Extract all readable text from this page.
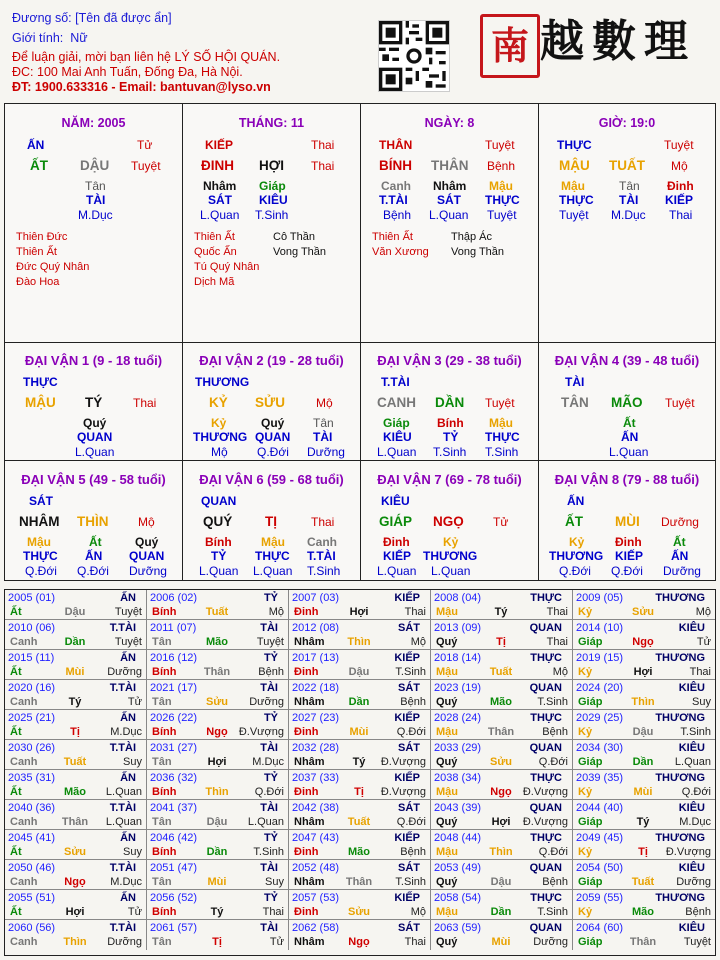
Đương số: [Tên đã được ẩn]
Giới tính: Nữ
Để luận giải, mời bạn liên hệ LÝ SỐ HỘI QUÁN.
ĐC: 100 Mai Anh Tuấn, Đống Đa, Hà Nội.
ĐT: 1900.633316 - Email: bantuvan@lyso.vn
南 越數理
NĂM: 2005
ẤN	Tử
ẤT DẬU Tuyệt
Tân
TÀI
M.Dục
Thiên Đức
Thiên Ất
Đức Quý Nhân
Đào Hoa
THÁNG: 11
KIẾP	Thai
ĐINH HỢI Thai
Nhâm Giáp
SÁT KIÊU
L.Quan T.Sinh
Thiên Ất
Quốc Ấn
Tú Quý Nhân
Dịch Mã
Cô Thần
Vong Thần
NGÀY: 8
THÂN	Tuyệt
BÍNH THÂN Bệnh
Canh Nhâm Mậu
T.TÀI SÁT THỰC
Bệnh L.Quan Tuyệt
Thiên Ất
Văn Xương
Thập Ác
Vong Thần
GIỜ: 19:0
THỰC	Tuyệt
MẬU TUẤT Mộ
Mậu	Tân Đinh
THỰC TÀI KIẾP
Tuyệt M.Dục Thai
ĐẠI VẬN 1 (9 - 18 tuổi)
THỰC
MẬU TÝ	Thai
Quý
QUAN
L.Quan
ĐẠI VẬN 2 (19 - 28 tuổi)
THƯƠNG
KỶ SỬU	Mộ
Kỷ	Quý Tân
THƯƠNG QUAN TÀI
Mộ Q.Đới Dưỡng
ĐẠI VẬN 3 (29 - 38 tuổi)
T.TÀI
CANH DẦN Tuyệt
Giáp Bính Mậu
KIÊU	TỶ THỰC
L.Quan T.Sinh T.Sinh
ĐẠI VẬN 4 (39 - 48 tuổi)
TÀI
TÂN MÃO Tuyệt
Ất
ẤN
L.Quan
ĐẠI VẬN 5 (49 - 58 tuổi)
SÁT
NHÂM THÌN Mộ
Mậu	Ất	Quý
THỰC ẤN QUAN
Q.Đới Q.Đới Dưỡng
ĐẠI VẬN 6 (59 - 68 tuổi)
QUAN
QUÝ TỊ	Thai
Bính Mậu Canh
TỶ THỰC T.TÀI
L.Quan L.Quan T.Sinh
ĐẠI VẬN 7 (69 - 78 tuổi)
KIÊU
GIÁP NGỌ Tử
Đinh	Kỷ
KIẾP THƯƠNG
L.Quan L.Quan
ĐẠI VẬN 8 (79 - 88 tuổi)
ẤN
ẤT MÙI Dưỡng
Kỷ	Đinh	Ất
THƯƠNG KIẾP ẤN
Q.Đới Q.Đới Dưỡng
2005 (01)	ẤN
Ất	Dậu	Tuyệt
2006 (02)	TỶ
Bính	Tuất	Mộ
2007 (03)	KIẾP
Đinh	Hợi	Thai
2008 (04)	THỰC
Mậu	Tý	Thai
2009 (05)	THƯƠNG
Kỷ	Sửu	Mộ
2010 (06)	T.TÀI
Canh	Dần	Tuyệt
2011 (07)	TÀI
Tân	Mão	Tuyệt
2012 (08)	SÁT
Nhâm	Thìn	Mộ
2013 (09)	QUAN
Quý	Tị	Thai
2014 (10)	KIÊU
Giáp	Ngọ	Tử
2015 (11)	ẤN
Ất	Mùi	Dưỡng
2016 (12)	TỶ
Bính	Thân	Bệnh
2017 (13)	KIẾP
Đinh	Dậu	T.Sinh
2018 (14)	THỰC
Mậu	Tuất	Mộ
2019 (15)	THƯƠNG
Kỷ	Hợi	Thai
2020 (16)	T.TÀI
Canh	Tý	Tử
2021 (17)	TÀI
Tân	Sửu	Dưỡng
2022 (18)	SÁT
Nhâm	Dần	Bệnh
2023 (19)	QUAN
Quý	Mão	T.Sinh
2024 (20)	KIÊU
Giáp	Thìn	Suy
2025 (21)	ẤN
Ất	Tị	M.Dục
2026 (22)	TỶ
Bính	Ngọ	Đ.Vượng
2027 (23)	KIẾP
Đinh	Mùi	Q.Đới
2028 (24)	THỰC
Mậu	Thân	Bệnh
2029 (25)	THƯƠNG
Kỷ	Dậu	T.Sinh
2030 (26)	T.TÀI
Canh	Tuất	Suy
2031 (27)	TÀI
Tân	Hợi	M.Dục
2032 (28)	SÁT
Nhâm	Tý	Đ.Vượng
2033 (29)	QUAN
Quý	Sửu	Q.Đới
2034 (30)	KIÊU
Giáp	Dần	L.Quan
2035 (31)	ẤN
Ất	Mão	L.Quan
2036 (32)	TỶ
Bính	Thìn	Q.Đới
2037 (33)	KIẾP
Đinh	Tị	Đ.Vượng
2038 (34)	THỰC
Mậu	Ngọ	Đ.Vượng
2039 (35)	THƯƠNG
Kỷ	Mùi	Q.Đới
2040 (36)	T.TÀI
Canh	Thân	L.Quan
2041 (37)	TÀI
Tân	Dậu	L.Quan
2042 (38)	SÁT
Nhâm	Tuất	Q.Đới
2043 (39)	QUAN
Quý	Hợi	Đ.Vượng
2044 (40)	KIÊU
Giáp	Tý	M.Dục
2045 (41)	ẤN
Ất	Sửu	Suy
2046 (42)	TỶ
Bính	Dần	T.Sinh
2047 (43)	KIẾP
Đinh	Mão	Bệnh
2048 (44)	THỰC
Mậu	Thìn	Q.Đới
2049 (45)	THƯƠNG
Kỷ	Tị	Đ.Vượng
2050 (46)	T.TÀI
Canh	Ngọ	M.Dục
2051 (47)	TÀI
Tân	Mùi	Suy
2052 (48)	SÁT
Nhâm	Thân	T.Sinh
2053 (49)	QUAN
Quý	Dậu	Bệnh
2054 (50)	KIÊU
Giáp	Tuất	Dưỡng
2055 (51)	ẤN
Ất	Hợi	Tử
2056 (52)	TỶ
Bính	Tý	Thai
2057 (53)	KIẾP
Đinh	Sửu	Mộ
2058 (54)	THỰC
Mậu	Dần	T.Sinh
2059 (55)	THƯƠNG
Kỷ	Mão	Bệnh
2060 (56)	T.TÀI
Canh	Thìn	Dưỡng
2061 (57)	TÀI
Tân	Tị	Tử
2062 (58)	SÁT
Nhâm	Ngọ	Thai
2063 (59)	QUAN
Quý	Mùi	Dưỡng
2064 (60)	KIÊU
Giáp	Thân	Tuyệt
